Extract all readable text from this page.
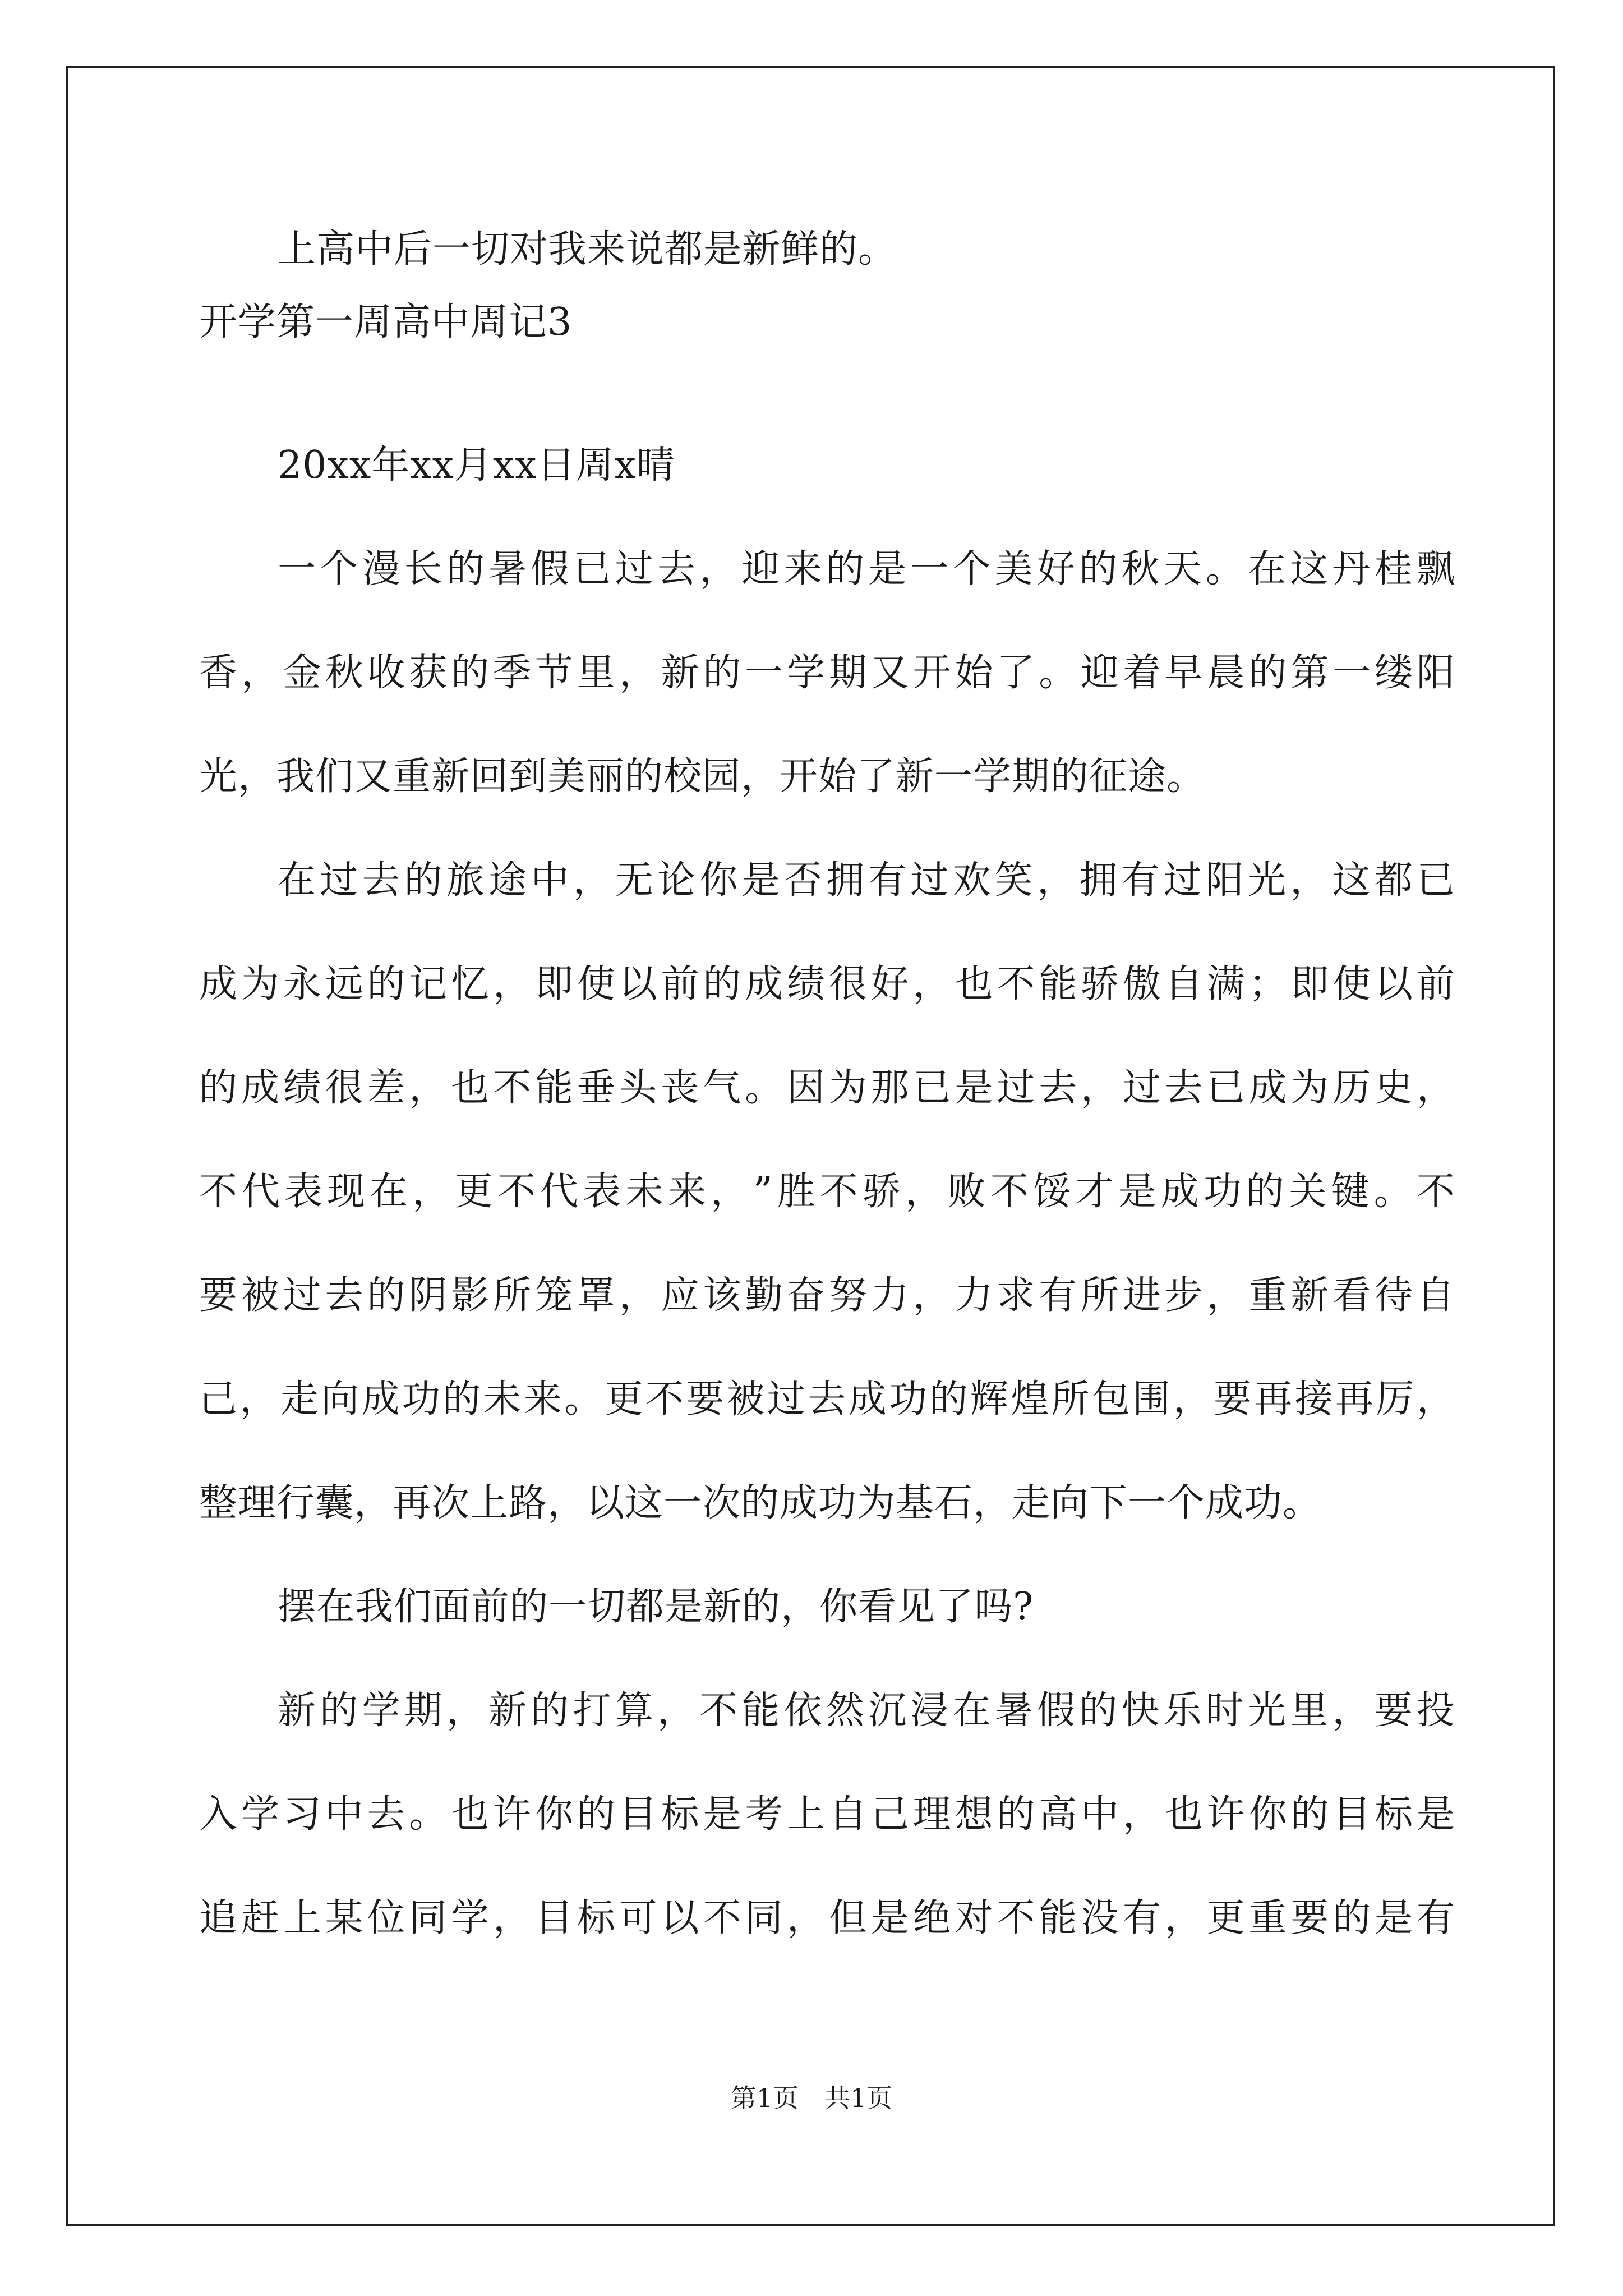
上高中后一切对我来说都是新鲜的。
开学第一周高中周记3
20xx年xx月xx日周x晴
一 个 漫 长 的 暑 假 已 过 去 ， 迎 来 的 是 一 个 美 好 的 秋 天 。 在 这 丹 桂 飘
香 ， 金 秋 收 获 的 季 节 里 ， 新 的 一 学 期 又 开 始 了 。 迎 着 早 晨 的 第 一 缕 阳
光，我们又重新回到美丽的校园，开始了新一学期的征途。
在 过 去 的 旅 途 中 ， 无 论 你 是 否 拥 有 过 欢 笑 ， 拥 有 过 阳 光 ， 这 都 已
成 为 永 远 的 记 忆 ， 即 使 以 前 的 成 绩 很 好 ， 也 不 能 骄 傲 自 满 ； 即 使 以 前
的 成 绩 很 差 ， 也 不 能 垂 头 丧 气 。 因 为 那 已 是 过 去 ， 过 去 已 成 为 历 史 ，
不 代 表 现 在 ， 更 不 代 表 未 来 ， ” 胜 不 骄 ， 败 不 馁 才 是 成 功 的 关 键 。 不
要 被 过 去 的 阴 影 所 笼 罩 ， 应 该 勤 奋 努 力 ， 力 求 有 所 进 步 ， 重 新 看 待 自
己 ， 走 向 成 功 的 未 来 。 更 不 要 被 过 去 成 功 的 辉 煌 所 包 围 ， 要 再 接 再 厉 ，
整理行囊，再次上路，以这一次的成功为基石，走向下一个成功。
摆在我们面前的一切都是新的，你看见了吗?
新 的 学 期 ， 新 的 打 算 ， 不 能 依 然 沉 浸 在 暑 假 的 快 乐 时 光 里 ， 要 投
入 学 习 中 去 。 也 许 你 的 目 标 是 考 上 自 己 理 想 的 高 中 ， 也 许 你 的 目 标 是
追 赶 上 某 位 同 学 ， 目 标 可 以 不 同 ， 但 是 绝 对 不 能 没 有 ， 更 重 要 的 是 有
第1页　共1页
